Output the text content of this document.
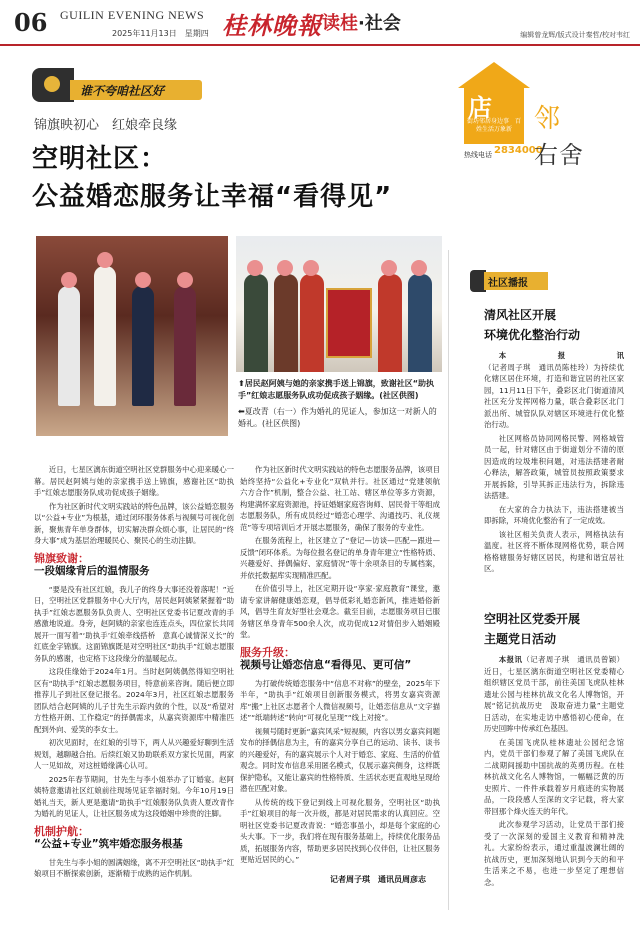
06 GUILIN EVENING NEWS
2025年11月13日　星期四 桂林晚報 读桂·社会
编辑曾龙辉/版式设计秦哲/校对韦红
谁不夸咱社区好
锦旗映初心　红娘牵良缘
空明社区：
公益婚恋服务让幸福“看得见”
⬆居民赵阿姨与她的亲家携手送上锦旗，致谢社区“助执手”红娘志愿服务队成功促成孩子姻缘。(社区供图)
⬅夏改青（右一）作为婚礼的见证人，参加这一对新人的婚礼。(社区供图)

近日，七星区漓东街道空明社区党群服务中心迎来暖心一幕。居民赵阿姨与她的亲家携手送上锦旗，感谢社区“助执手”红娘志愿服务队成功促成孩子姻缘。

作为社区新时代文明实践站的特色品牌，该公益婚恋服务以“公益+专业”为根基，通过闭环服务体系与视频号可视化创新，聚焦青年单身群体，切实解决群众烦心事，让居民的“终身大事”成为基层治理暖民心、聚民心的生动注脚。

锦旗致谢：
一段姻缘背后的温情服务

“要是没有社区红娘，我儿子的终身大事还没着落呢！”近日，空明社区党群服务中心大厅内，居民赵阿姨紧紧握着“助执手”红娘志愿服务队负责人、空明社区党委书记夏改青的手感激地说道。身旁，赵阿姨的亲家也连连点头，四位家长共同展开一面写着“‘助执手’红娘牵线搭桥　意真心诚情深义长”的红底金字锦旗。这面锦旗既是对空明社区“助执手”红娘志愿服务队的感谢，也定格下这段缘分的温暖起点。

这段佳缘始于2024年1月。当时赵阿姨偶然得知空明社区有“助执手”红娘志愿服务项目，特意前来咨询。随后便立即推荐儿子到社区登记报名。2024年3月，社区红娘志愿服务团队结合赵阿姨的儿子甘先生示踪内敛的个性，以及“希望对方性格开朗、工作稳定”的择偶需求，从嘉宾资源库中精准匹配到外向、爱笑的李女士。

初次见面时，在红娘的引导下，两人从兴趣爱好聊到生活规划，越聊越合拍。后续红娘又协助联系双方家长见面，两家人一见如故，对这桩婚缘满心认可。

2025年春节期间，甘先生与李小姐举办了订婚宴。赵阿姨特意邀请社区红娘前往现场见证幸福时刻。今年10月19日婚礼当天，新人更是邀请“助执手”红娘服务队负责人夏改青作为婚礼的见证人，让社区服务成为这段婚姻中珍贵的注脚。

机制护航：
“公益+专业”筑牢婚恋服务根基

甘先生与李小姐的圆满姻缘，离不开空明社区“助执手”红娘项目不断探索创新，逐渐精于成熟的运作机制。

作为社区新时代文明实践站的特色志愿服务品牌，该项目始终坚持“公益化+专业化”双轨并行。社区通过“党建领航　六方合作”机制，整合公益、社工站、辖区单位等多方资源，构建满怀家庭资源池，持证婚姻家庭咨询师、居民骨干等组成志愿服务队，所有成员经过“婚恋心理学、沟通技巧、礼仪规范”等专项培训后才开展志愿服务，确保了服务的专业性。

在服务流程上，社区建立了“登记—访谈—匹配—跟进—反馈”闭环体系。为每位报名登记的单身青年建立“性格特质、兴趣爱好、择偶偏好、家庭情况”等十余项条目的专属档案，并依托数据库实现精准匹配。

在价值引导上，社区定期开设“享家·家庭教育”课堂，邀请专家讲解健康婚恋观，倡导低彩礼婚恋新风，推进婚俗新风，倡导生育友好型社会观念。截至目前，志愿服务项目已服务辖区单身青年500余人次，成功促成12对情侣步入婚姻殿堂。

服务升级：
视频号让婚恋信息“看得见、更可信”

为打破传统婚恋服务中“信息不对称”的壁垒，2025年下半年，“助执手”红娘项目创新服务模式，将男女嘉宾资源库“搬”上社区志愿者个人微信视频号，让婚恋信息从“文字描述”“纸端转述”转向“可视化呈现”“线上对接”。

视频号随时更新“嘉宾风采”短视频，内容以男女嘉宾间题发布的择偶信息为主，有的嘉宾分享自己的运动、读书、谈书的兴趣爱好，有的嘉宾展示个人对于婚恋、家庭、生活的价值观念。同时发布信息采用匿名模式，仅展示嘉宾侧身，这样既保护隐私，又能让嘉宾的性格特质、生活状态更直观地呈现给潜在匹配对象。

从传统的线下登记到线上可视化服务，空明社区“助执手”红娘项目的每一次升级，都是对居民需求的认真回应。空明社区党委书记夏改青说：“婚恋事虽小，却是每个家庭的心头大事。下一步，我们将在现有服务基础上，持续优化服务品质，拓展服务内容，帮助更多居民找到心仪伴侣，让社区服务更贴近居民的心。”

记者周子琪　通讯员周彦志
店
街坊邻居身边事　百姓生活万象新
热线电话 2834000
邻
右舍
社区播报
清风社区开展
环境优化整治行动

本报讯（记者周子琪　通讯员陈桂玲）为持续优化辖区居住环境，打造和谐宜居的社区家园，11月11日下午，叠彩区北门街道清风社区充分发挥网格力量，联合叠彩区北门派出所、城管队队对辖区环境进行优化整治行动。

社区网格员协同网格民警、网格城管员一起，针对辖区由于街道划分不清的原因造成的垃圾堆积问题，对违法搭建者耐心释法，解答政策，城管员按照政策要求开展拆除，引导其拆正违法行为，拆除违法搭建。

在大家的合力执法下，违法搭建被当即拆除，环境优化整治有了一定成效。

该社区相关负责人表示，网格执法有温度。社区将不断体现网格优势，联合网格格辖服务好辖区居民，构建和谐宜居社区。

空明社区党委开展
主题党日活动

本报讯（记者周子琪　通讯员曾颖）近日，七星区漓东街道空明社区党委精心组织辖区党员干部，前往美国飞虎队桂林遗址公园与桂林抗战文化名人博物馆，开展“铭记抗战历史　汲取奋进力量”主题党日活动，在实地走访中感悟初心使命，在历史回眸中传承红色基因。

在美国飞虎队桂林遗址公园纪念馆内，党员干部们参观了解了美国飞虎队在二战期间援助中国抗战的英勇历程。在桂林抗战文化名人博物馆，一幅幅泛黄的历史照片、一件件承载着岁月痕迹的实物展品，一段段感人至深的文字记载，将大家带回那个烽火连天的年代。

此次参观学习活动，让党员干部们接受了一次深刻的爱国主义教育和精神洗礼。大家纷纷表示，通过重温波澜壮阔的抗战历史，更加深刻地认识到今天的和平生活来之不易，也进一步坚定了理想信念。
